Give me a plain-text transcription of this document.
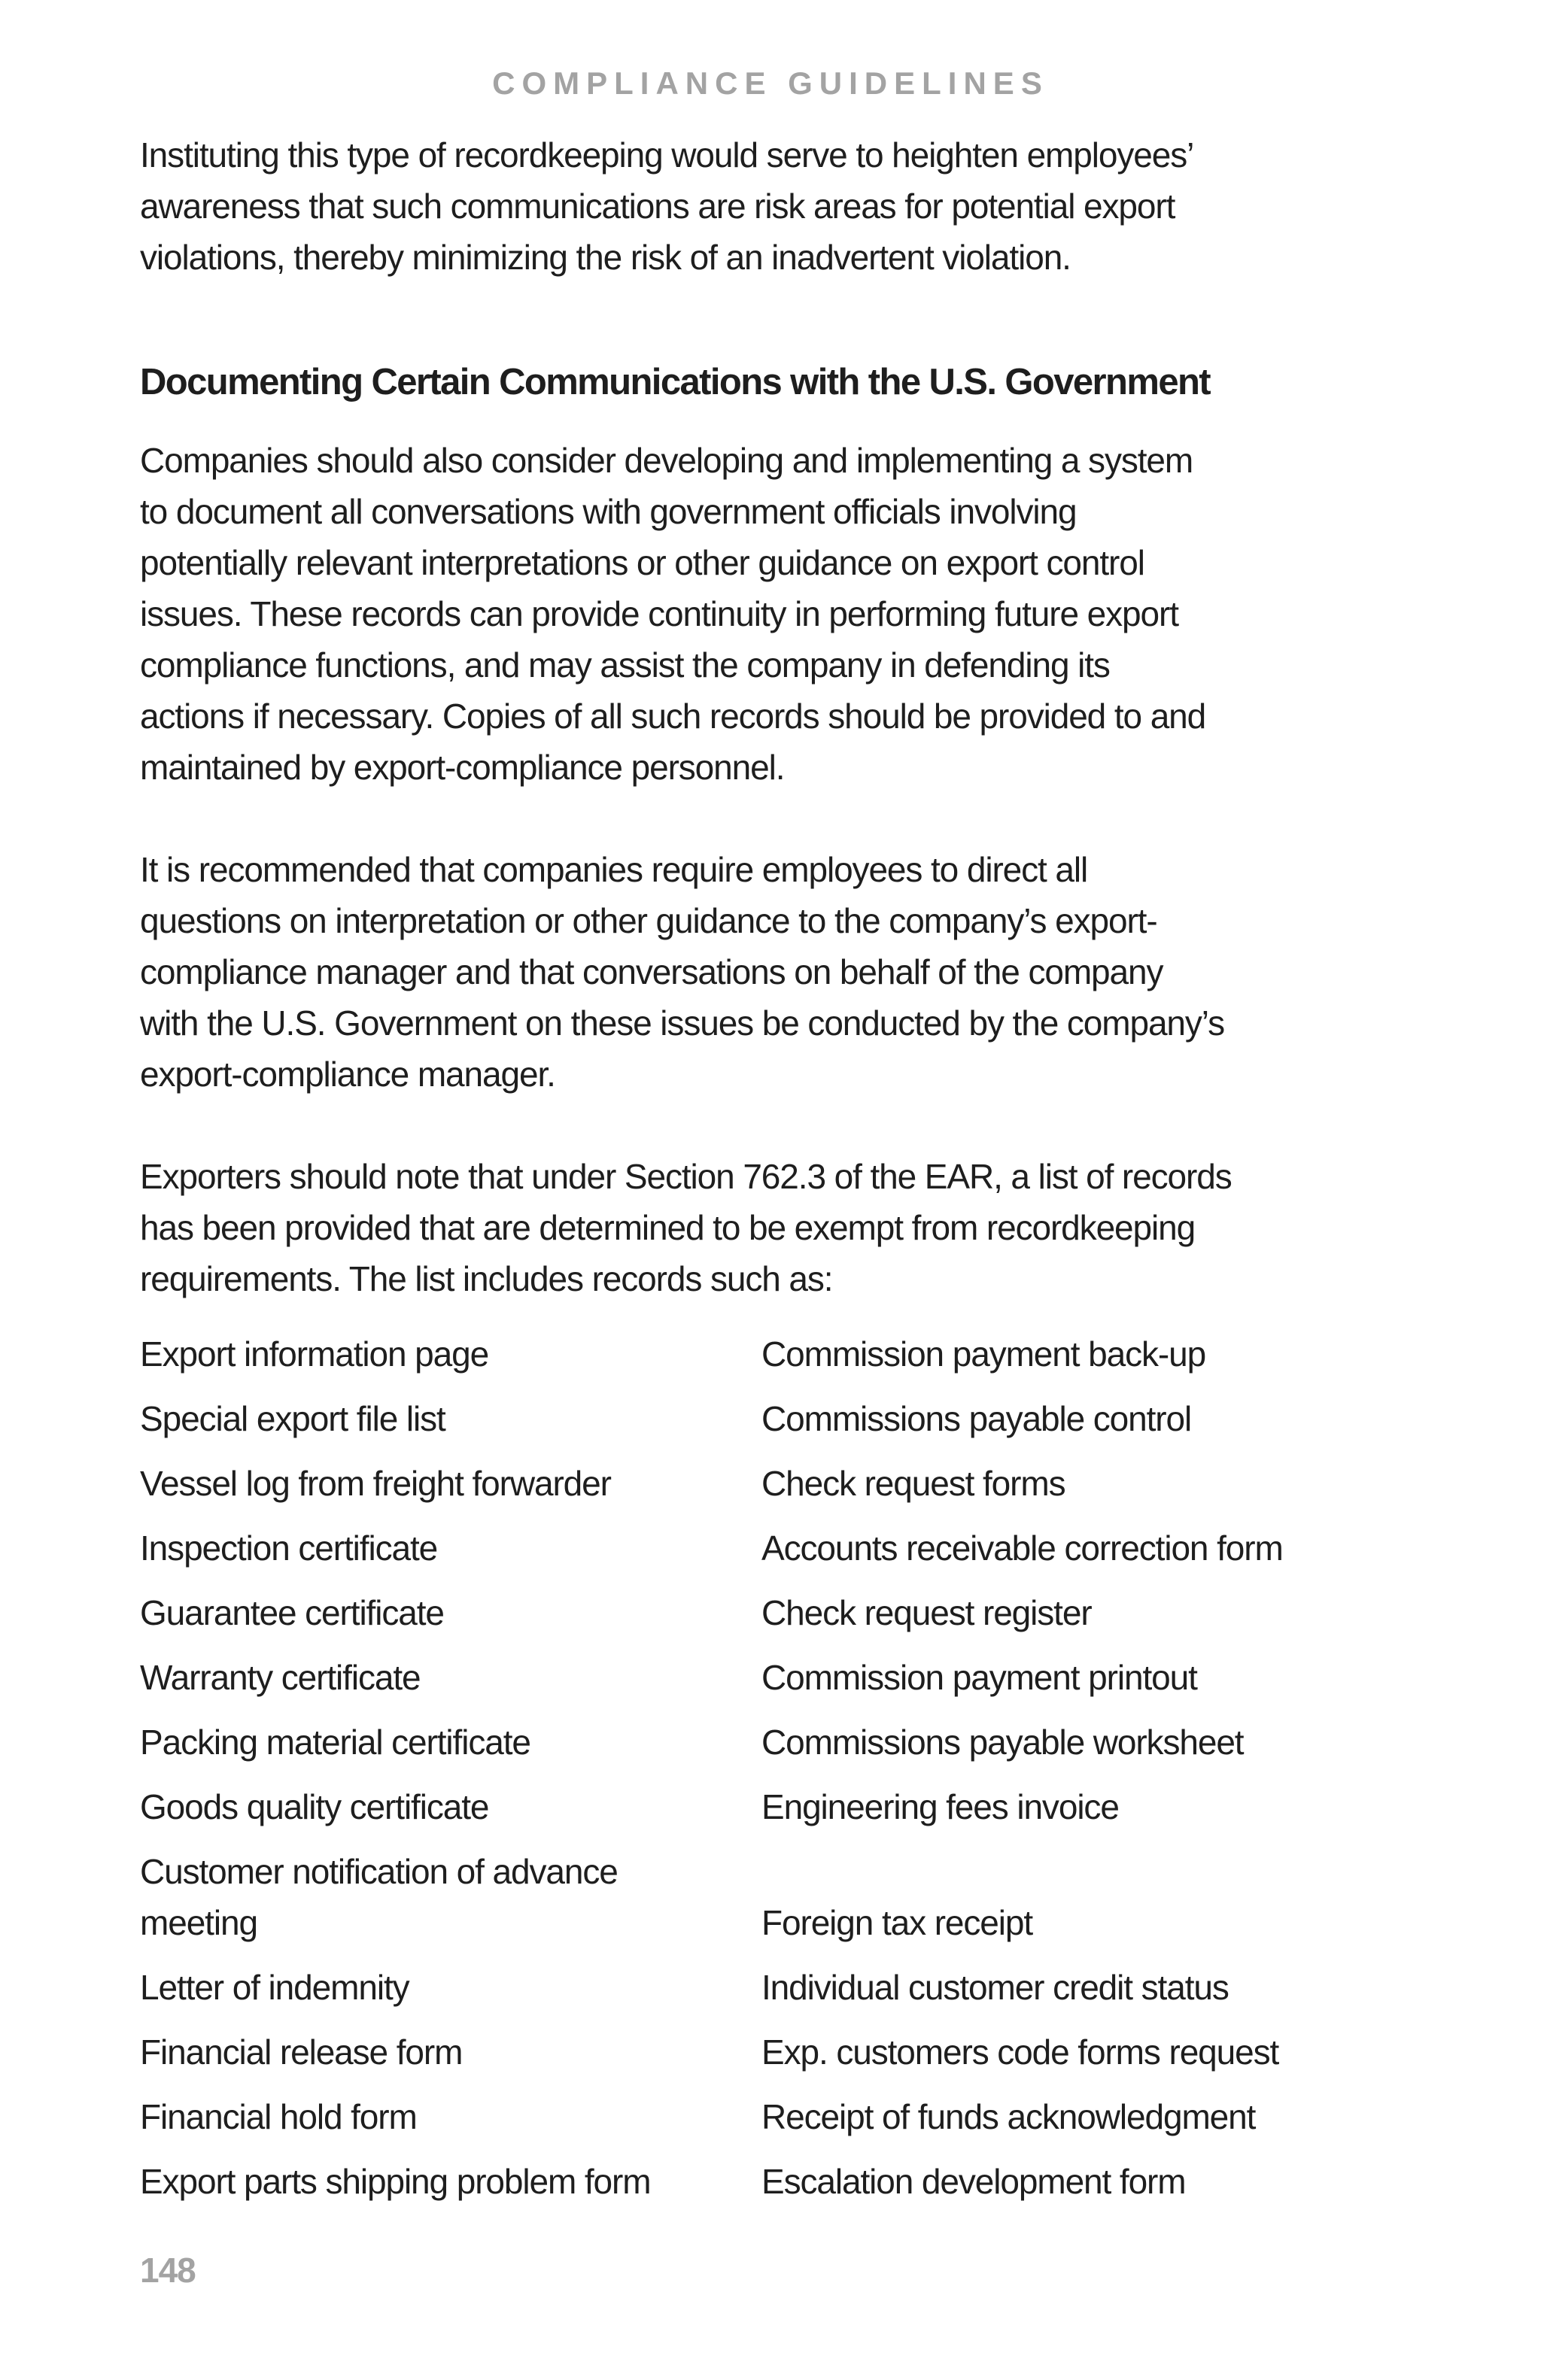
COMPLIANCE GUIDELINES

Instituting this type of recordkeeping would serve to heighten employees’
awareness that such communications are risk areas for potential export
violations, thereby minimizing the risk of an inadvertent violation.

Documenting Certain Communications with the U.S. Government

Companies should also consider developing and implementing a system
to document all conversations with government officials involving
potentially relevant interpretations or other guidance on export control
issues. These records can provide continuity in performing future export
compliance functions, and may assist the company in defending its
actions if necessary. Copies of all such records should be provided to and
maintained by export-compliance personnel.

It is recommended that companies require employees to direct all
questions on interpretation or other guidance to the company’s export-
compliance manager and that conversations on behalf of the company
with the U.S. Government on these issues be conducted by the company’s
export-compliance manager.

Exporters should note that under Section 762.3 of the EAR, a list of records
has been provided that are determined to be exempt from recordkeeping
requirements. The list includes records such as:

Export information page	Commission payment back-up
Special export file list	Commissions payable control
Vessel log from freight forwarder	Check request forms
Inspection certificate	Accounts receivable correction form
Guarantee certificate	Check request register
Warranty certificate	Commission payment printout
Packing material certificate	Commissions payable worksheet
Goods quality certificate	Engineering fees invoice
Customer notification of advance
meeting	Foreign tax receipt
Letter of indemnity	Individual customer credit status
Financial release form	Exp. customers code forms request
Financial hold form	Receipt of funds acknowledgment
Export parts shipping problem form	Escalation development form
148
